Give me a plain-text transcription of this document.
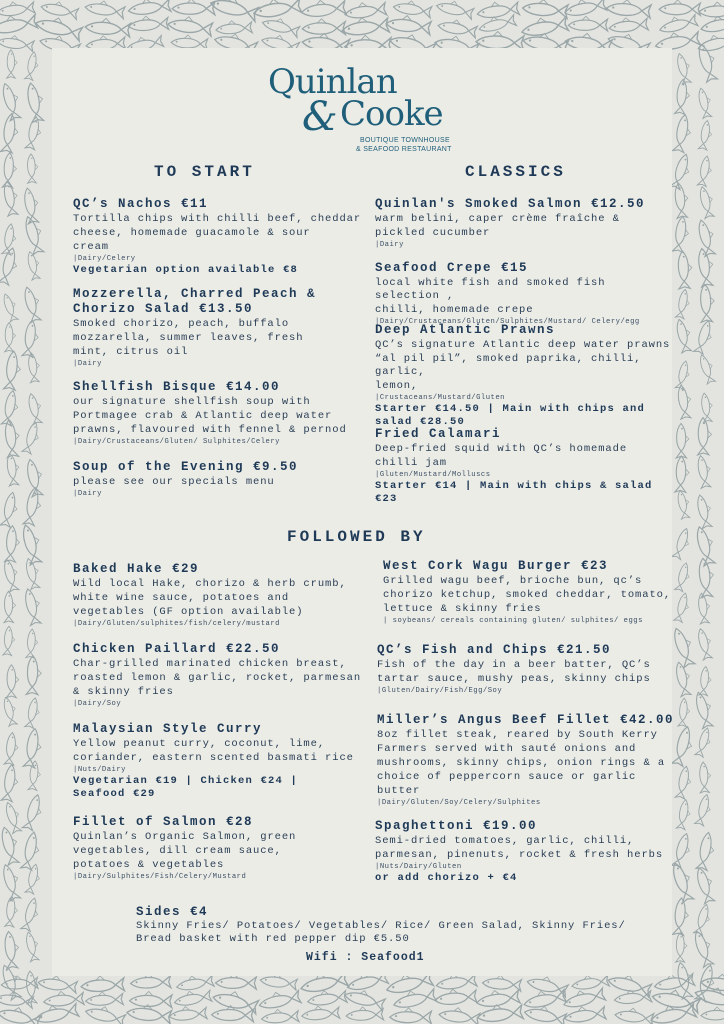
Quinlan
& Cooke
BOUTIQUE TOWNHOUSE
& SEAFOOD RESTAURANT
TO START	CLASSICS
FOLLOWED BY
QC’s Nachos €11
Tortilla chips with chilli beef, cheddar
cheese, homemade guacamole & sour
cream
|Dairy/Celery
Vegetarian option available €8
Mozzerella, Charred Peach &
Chorizo Salad €13.50
Smoked chorizo, peach, buffalo
mozzarella, summer leaves, fresh
mint, citrus oil
|Dairy
Shellfish Bisque €14.00
our signature shellfish soup with
Portmagee crab & Atlantic deep water
prawns, flavoured with fennel & pernod
|Dairy/Crustaceans/Gluten/ Sulphites/Celery
Soup of the Evening €9.50
please see our specials menu
|Dairy
Quinlan's Smoked Salmon €12.50
warm belini, caper crème fraîche &
pickled cucumber
|Dairy
Seafood Crepe €15
local white fish and smoked fish selection ,
chilli, homemade crepe
|Dairy/Crustaceans/Gluten/Sulphites/Mustard/ Celery/egg
Deep Atlantic Prawns
QC’s signature Atlantic deep water prawns
“al pil pil”, smoked paprika, chilli, garlic,
lemon,
|Crustaceans/Mustard/Gluten
Starter €14.50 | Main with chips and
salad €28.50
Fried Calamari
Deep-fried squid with QC’s homemade
chilli jam
|Gluten/Mustard/Molluscs
Starter €14 | Main with chips & salad
€23
Baked Hake €29
Wild local Hake, chorizo & herb crumb,
white wine sauce, potatoes and
vegetables (GF option available)
|Dairy/Gluten/sulphites/fish/celery/mustard
Chicken Paillard €22.50
Char-grilled marinated chicken breast,
roasted lemon & garlic, rocket, parmesan
& skinny fries
|Dairy/Soy
Malaysian Style Curry
Yellow peanut curry, coconut, lime,
coriander, eastern scented basmati rice
|Nuts/Dairy
Vegetarian €19 | Chicken €24 |
Seafood €29
Fillet of Salmon €28
Quinlan’s Organic Salmon, green
vegetables, dill cream sauce,
potatoes & vegetables
|Dairy/Sulphites/Fish/Celery/Mustard
West Cork Wagu Burger €23
Grilled wagu beef, brioche bun, qc’s
chorizo ketchup, smoked cheddar, tomato,
lettuce & skinny fries
| soybeans/ cereals containing gluten/ sulphites/ eggs
QC’s Fish and Chips €21.50
Fish of the day in a beer batter, QC’s
tartar sauce, mushy peas, skinny chips
|Gluten/Dairy/Fish/Egg/Soy
Miller’s Angus Beef Fillet €42.00
8oz fillet steak, reared by South Kerry
Farmers served with sauté onions and
mushrooms, skinny chips, onion rings & a
choice of peppercorn sauce or garlic
butter
|Dairy/Gluten/Soy/Celery/Sulphites
Spaghettoni €19.00
Semi-dried tomatoes, garlic, chilli,
parmesan, pinenuts, rocket & fresh herbs
|Nuts/Dairy/Gluten
or add chorizo + €4
Sides €4
Skinny Fries/ Potatoes/ Vegetables/ Rice/ Green Salad, Skinny Fries/
Bread basket with red pepper dip €5.50
Wifi : Seafood1
